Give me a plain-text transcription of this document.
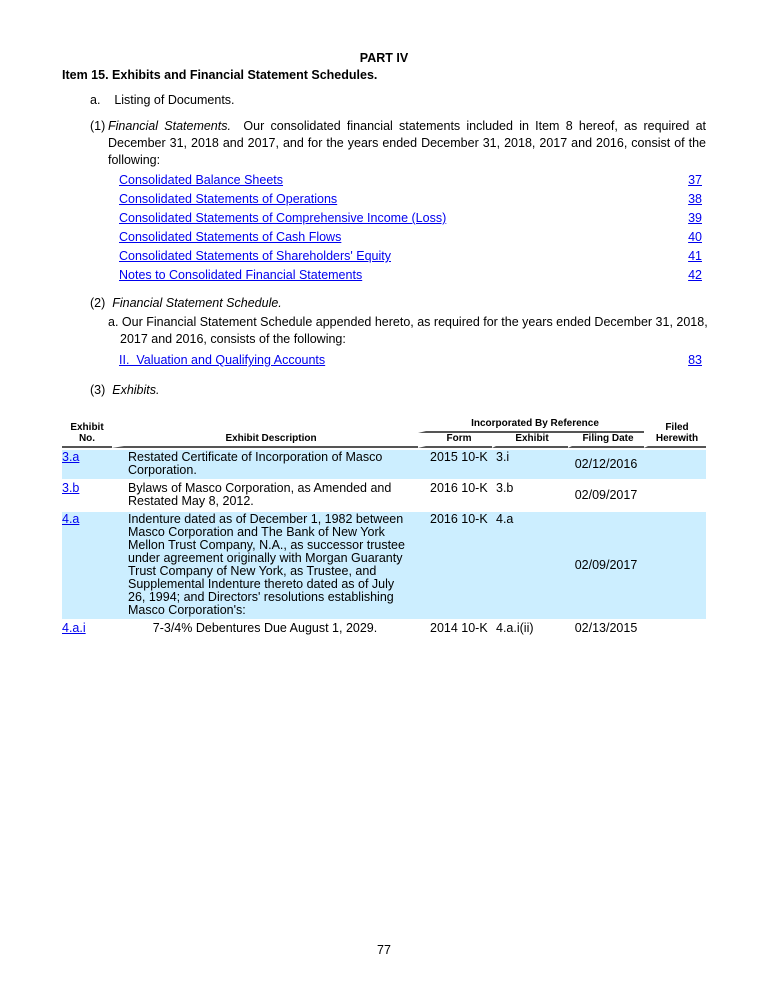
PART IV
Item 15. Exhibits and Financial Statement Schedules.
a.    Listing of Documents.
(1) Financial Statements.  Our consolidated financial statements included in Item 8 hereof, as required at December 31, 2018 and 2017, and for the years ended December 31, 2018, 2017 and 2016, consist of the following:
Consolidated Balance Sheets	37
Consolidated Statements of Operations	38
Consolidated Statements of Comprehensive Income (Loss)	39
Consolidated Statements of Cash Flows	40
Consolidated Statements of Shareholders' Equity	41
Notes to Consolidated Financial Statements	42
(2) Financial Statement Schedule.
a. Our Financial Statement Schedule appended hereto, as required for the years ended December 31, 2018, 2017 and 2016, consists of the following:
II.  Valuation and Qualifying Accounts	83
(3) Exhibits.
Exhibit No.	Exhibit Description	Incorporated By Reference			Filed Herewith
		Form	Exhibit	Filing Date	
3.a	Restated Certificate of Incorporation of Masco Corporation.	2015 10-K	3.i	02/12/2016	
3.b	Bylaws of Masco Corporation, as Amended and Restated May 8, 2012.	2016 10-K	3.b	02/09/2017	
4.a	Indenture dated as of December 1, 1982 between Masco Corporation and The Bank of New York Mellon Trust Company, N.A., as successor trustee under agreement originally with Morgan Guaranty Trust Company of New York, as Trustee, and Supplemental Indenture thereto dated as of July 26, 1994; and Directors' resolutions establishing Masco Corporation's:	2016 10-K	4.a	02/09/2017	
4.a.i	7-3/4% Debentures Due August 1, 2029.	2014 10-K	4.a.i(ii)	02/13/2015	
77
